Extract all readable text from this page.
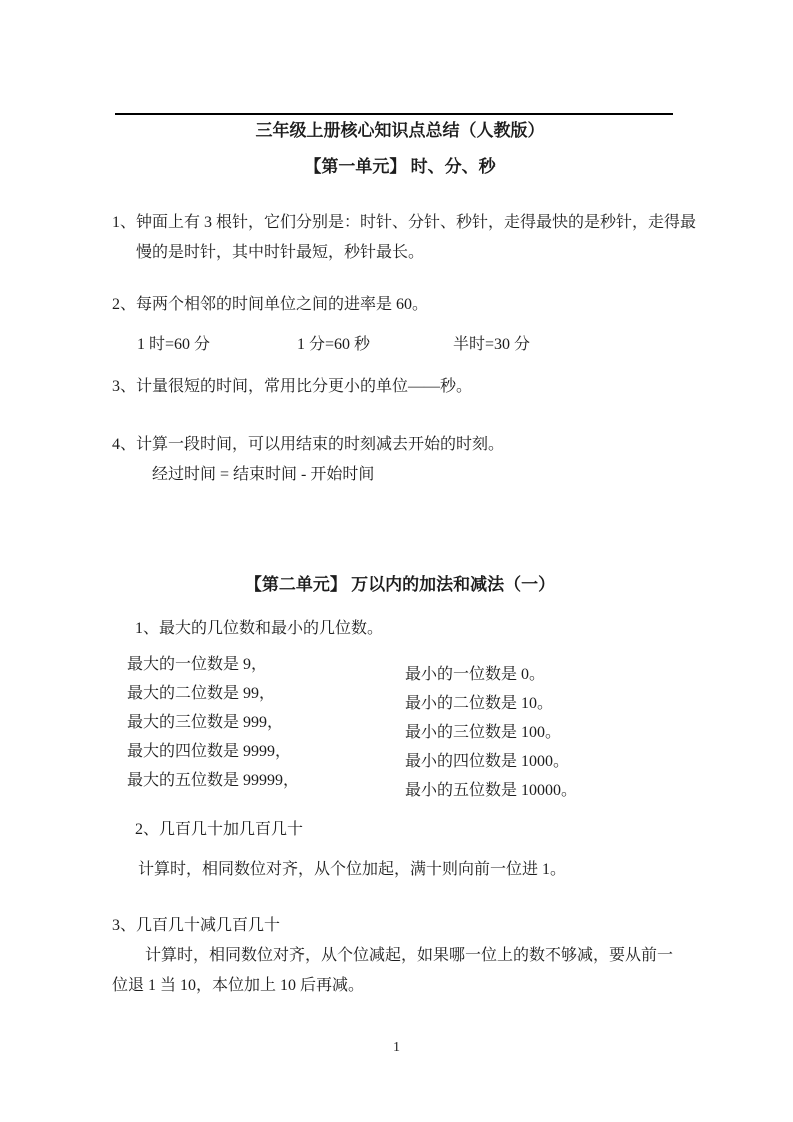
三年级上册核心知识点总结（人教版）
【第一单元】 时、分、秒
1、钟面上有 3 根针，它们分别是：时针、分针、秒针，走得最快的是秒针，走得最慢的是时针，其中时针最短，秒针最长。
2、每两个相邻的时间单位之间的进率是 60。
1 时=60 分	1 分=60 秒	半时=30 分
3、计量很短的时间，常用比分更小的单位——秒。
4、计算一段时间，可以用结束的时刻减去开始的时刻。
经过时间 = 结束时间 - 开始时间
【第二单元】 万以内的加法和减法（一）
1、最大的几位数和最小的几位数。
最大的一位数是 9，
最大的二位数是 99，
最大的三位数是 999，
最大的四位数是 9999，
最大的五位数是 99999，
最小的一位数是 0。
最小的二位数是 10。
最小的三位数是 100。
最小的四位数是 1000。
最小的五位数是 10000。
2、几百几十加几百几十
计算时，相同数位对齐，从个位加起，满十则向前一位进 1。
3、几百几十减几百几十
计算时，相同数位对齐，从个位减起，如果哪一位上的数不够减，要从前一位退 1 当 10，本位加上 10 后再减。
1
